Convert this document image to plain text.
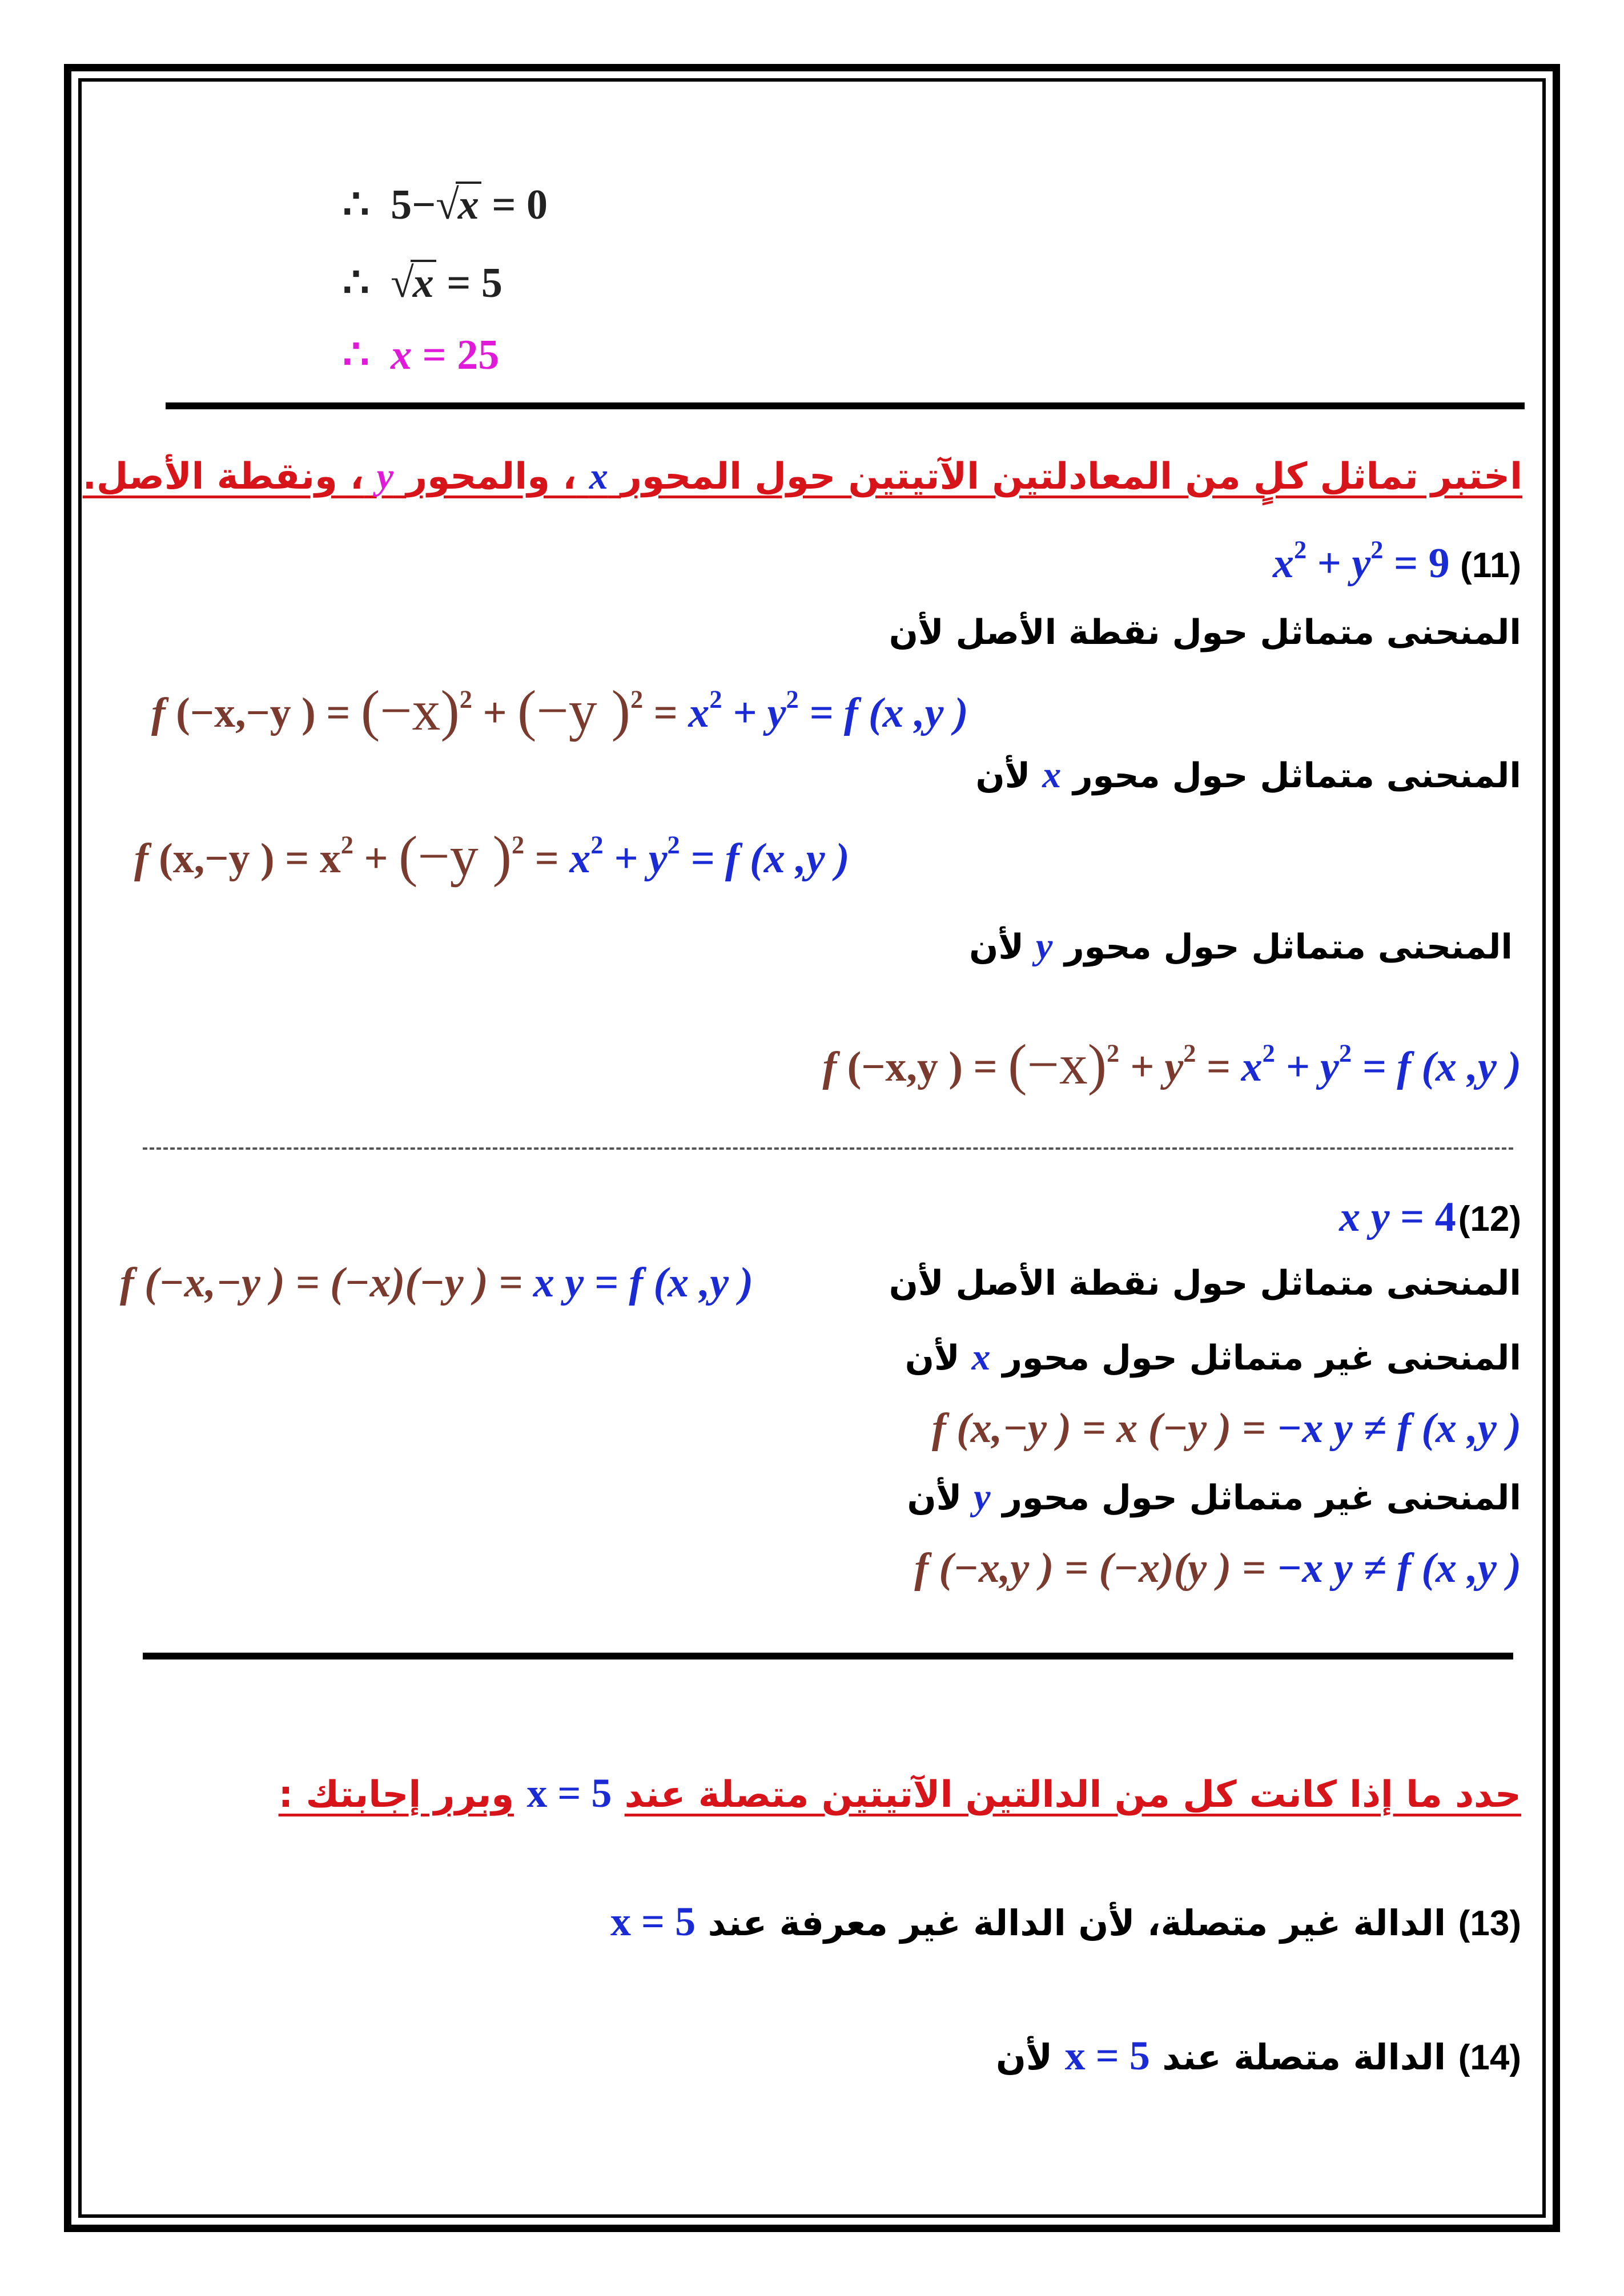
∴ 5−√x = 0
∴ √x = 5
∴ x = 25
اختبر تماثل كلٍ من المعادلتين الآتيتين حول المحور x ، والمحور y ، ونقطة الأصل.
$x^2 + y^2 = 9$ (11)
المنحنى متماثل حول نقطة الأصل لأن
f (−x,−y ) = $(-x)^2 + (-y$ )$^2 = x^2 + y^2 = f$ (x ,y )
المنحنى متماثل حول محور x لأن
f (x,−y ) = $x^2 + (-y$ )$^2 = x^2 + y^2 = f$ (x ,y )
المنحنى متماثل حول محور y لأن
f (−x,y ) = $(-x)^2 + y^2 = x^2 + y^2 = f$ (x ,y )
x y = 4 (12)
المنحنى متماثل حول نقطة الأصل لأن
f (−x,−y ) = (−x)(−y ) = x y = f (x ,y )
المنحنى غير متماثل حول محور x لأن
f (x,−y ) = x (−y ) = −x y ≠ f (x ,y )
المنحنى غير متماثل حول محور y لأن
f (−x,y ) = (−x)(y ) = −x y ≠ f (x ,y )
حدد ما إذا كانت كل من الدالتين الآتيتين متصلة عند x = 5 وبرر إجابتك :
(13) الدالة غير متصلة، لأن الدالة غير معرفة عند x = 5
(14) الدالة متصلة عند x = 5 لأن
